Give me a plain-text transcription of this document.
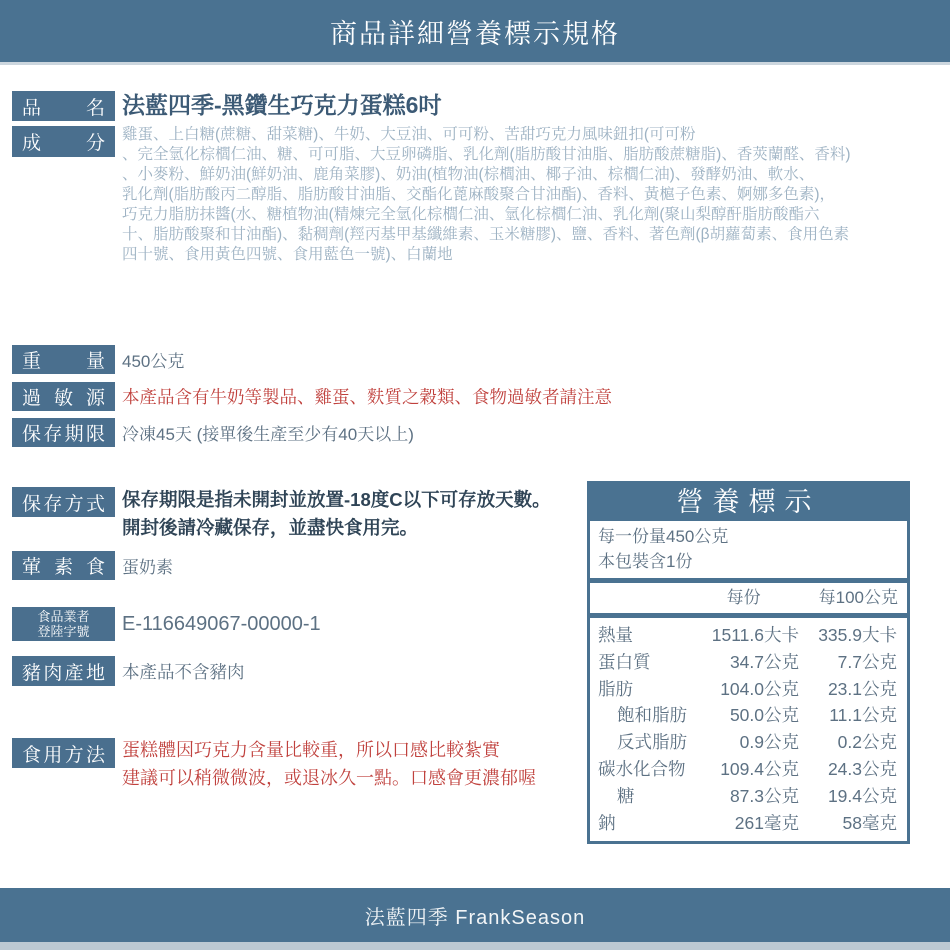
商品詳細營養標示規格
品 名 法藍四季-黑鑽生巧克力蛋糕6吋
成 分 雞蛋、上白糖(蔗糖、甜菜糖)、牛奶、大豆油、可可粉、苦甜巧克力風味鈕扣(可可粉
、完全氫化棕櫚仁油、糖、可可脂、大豆卵磷脂、乳化劑(脂肪酸甘油脂、脂肪酸蔗糖脂)、香莢蘭醛、香料)
、小麥粉、鮮奶油(鮮奶油、鹿角菜膠)、奶油(植物油(棕櫚油、椰子油、棕櫚仁油)、發酵奶油、軟水、
乳化劑(脂肪酸丙二醇脂、脂肪酸甘油脂、交酯化蓖麻酸聚合甘油酯)、香料、黃槴子色素、婀娜多色素)，
巧克力脂肪抹醬(水、糖植物油(精煉完全氫化棕櫚仁油、氫化棕櫚仁油、乳化劑(聚山梨醇酐脂肪酸酯六
十、脂肪酸聚和甘油酯)、黏稠劑(羥丙基甲基纖維素、玉米糖膠)、鹽、香料、著色劑(β胡蘿蔔素、食用色素
四十號、食用黃色四號、食用藍色一號)、白蘭地
重 量 450公克
過 敏 源 本產品含有牛奶等製品、雞蛋、麩質之穀類、食物過敏者請注意
保 存 期 限 冷凍45天 (接單後生產至少有40天以上)
保 存 方 式 保存期限是指未開封並放置-18度C以下可存放天數。
開封後請冷藏保存，並盡快食用完。
葷 素 食 蛋奶素
食品業者
登陸字號 E-116649067-00000-1
豬 肉 產 地 本產品不含豬肉
食 用 方 法 蛋糕體因巧克力含量比較重，所以口感比較紮實
建議可以稍微微波，或退冰久一點。口感會更濃郁喔
營養標示
每一份量450公克
本包裝含1份
每份	每100公克
熱量	1511.6大卡	335.9大卡
蛋白質	34.7公克	7.7公克
脂肪	104.0公克	23.1公克
飽和脂肪	50.0公克	11.1公克
反式脂肪	0.9公克	0.2公克
碳水化合物	109.4公克	24.3公克
糖	87.3公克	19.4公克
鈉	261毫克	58毫克
法藍四季 FrankSeason
